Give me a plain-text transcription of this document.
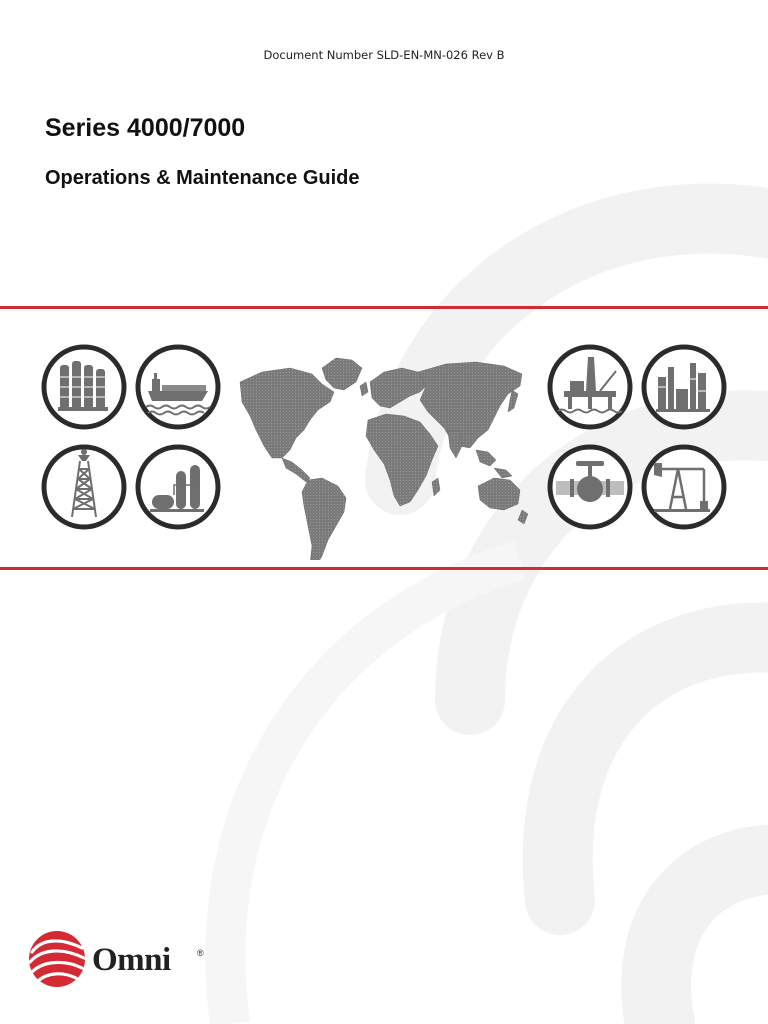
Document Number SLD-EN-MN-026 Rev B
Series 4000/7000
Operations & Maintenance Guide
Omni	®
